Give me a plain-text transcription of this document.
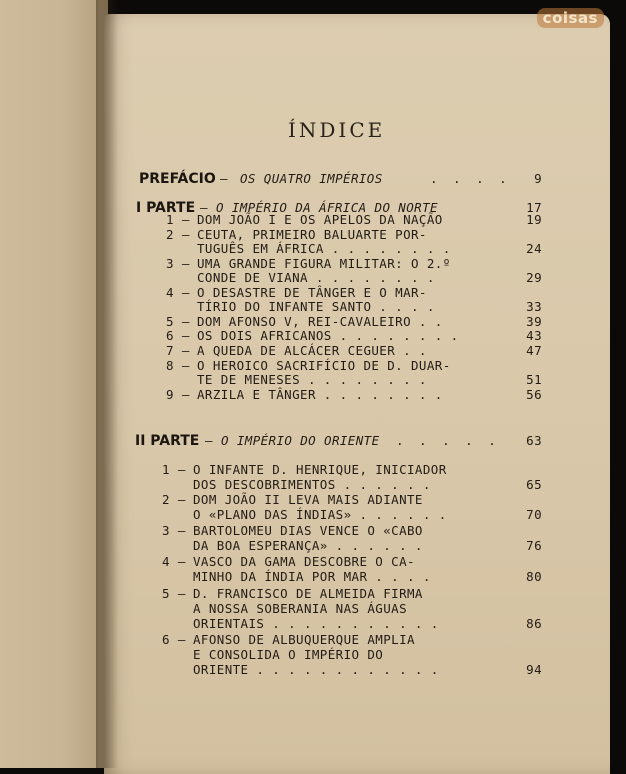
coisas
ÍNDICE
PREFÁCIO — OS QUATRO IMPÉRIOS	. . . .	9
I PARTE — O IMPÉRIO DA ÁFRICA DO NORTE	17
1 — DOM JOÃO I E OS APELOS DA NAÇÃO	19
2 — CEUTA, PRIMEIRO BALUARTE POR-
TUGUÊS EM ÁFRICA . . . . . . . .	24
3 — UMA GRANDE FIGURA MILITAR: O 2.º
CONDE DE VIANA . . . . . . . .	29
4 — O DESASTRE DE TÂNGER E O MAR-
TÍRIO DO INFANTE SANTO . . . .	33
5 — DOM AFONSO V, REI-CAVALEIRO . .	39
6 — OS DOIS AFRICANOS . . . . . . . .	43
7 — A QUEDA DE ALCÁCER CEGUER . .	47
8 — O HEROICO SACRIFÍCIO DE D. DUAR-
TE DE MENESES . . . . . . . .	51
9 — ARZILA E TÂNGER . . . . . . . .	56
II PARTE — O IMPÉRIO DO ORIENTE . . . . .	63
1 — O INFANTE D. HENRIQUE, INICIADOR
DOS DESCOBRIMENTOS . . . . . .	65
2 — DOM JOÃO II LEVA MAIS ADIANTE
O «PLANO DAS ÍNDIAS» . . . . . .	70
3 — BARTOLOMEU DIAS VENCE O «CABO
DA BOA ESPERANÇA» . . . . . .	76
4 — VASCO DA GAMA DESCOBRE O CA-
MINHO DA ÍNDIA POR MAR . . . .	80
5 — D. FRANCISCO DE ALMEIDA FIRMA
A NOSSA SOBERANIA NAS ÁGUAS
ORIENTAIS . . . . . . . . . . .	86
6 — AFONSO DE ALBUQUERQUE AMPLIA
E CONSOLIDA O IMPÉRIO DO
ORIENTE . . . . . . . . . . . .	94
